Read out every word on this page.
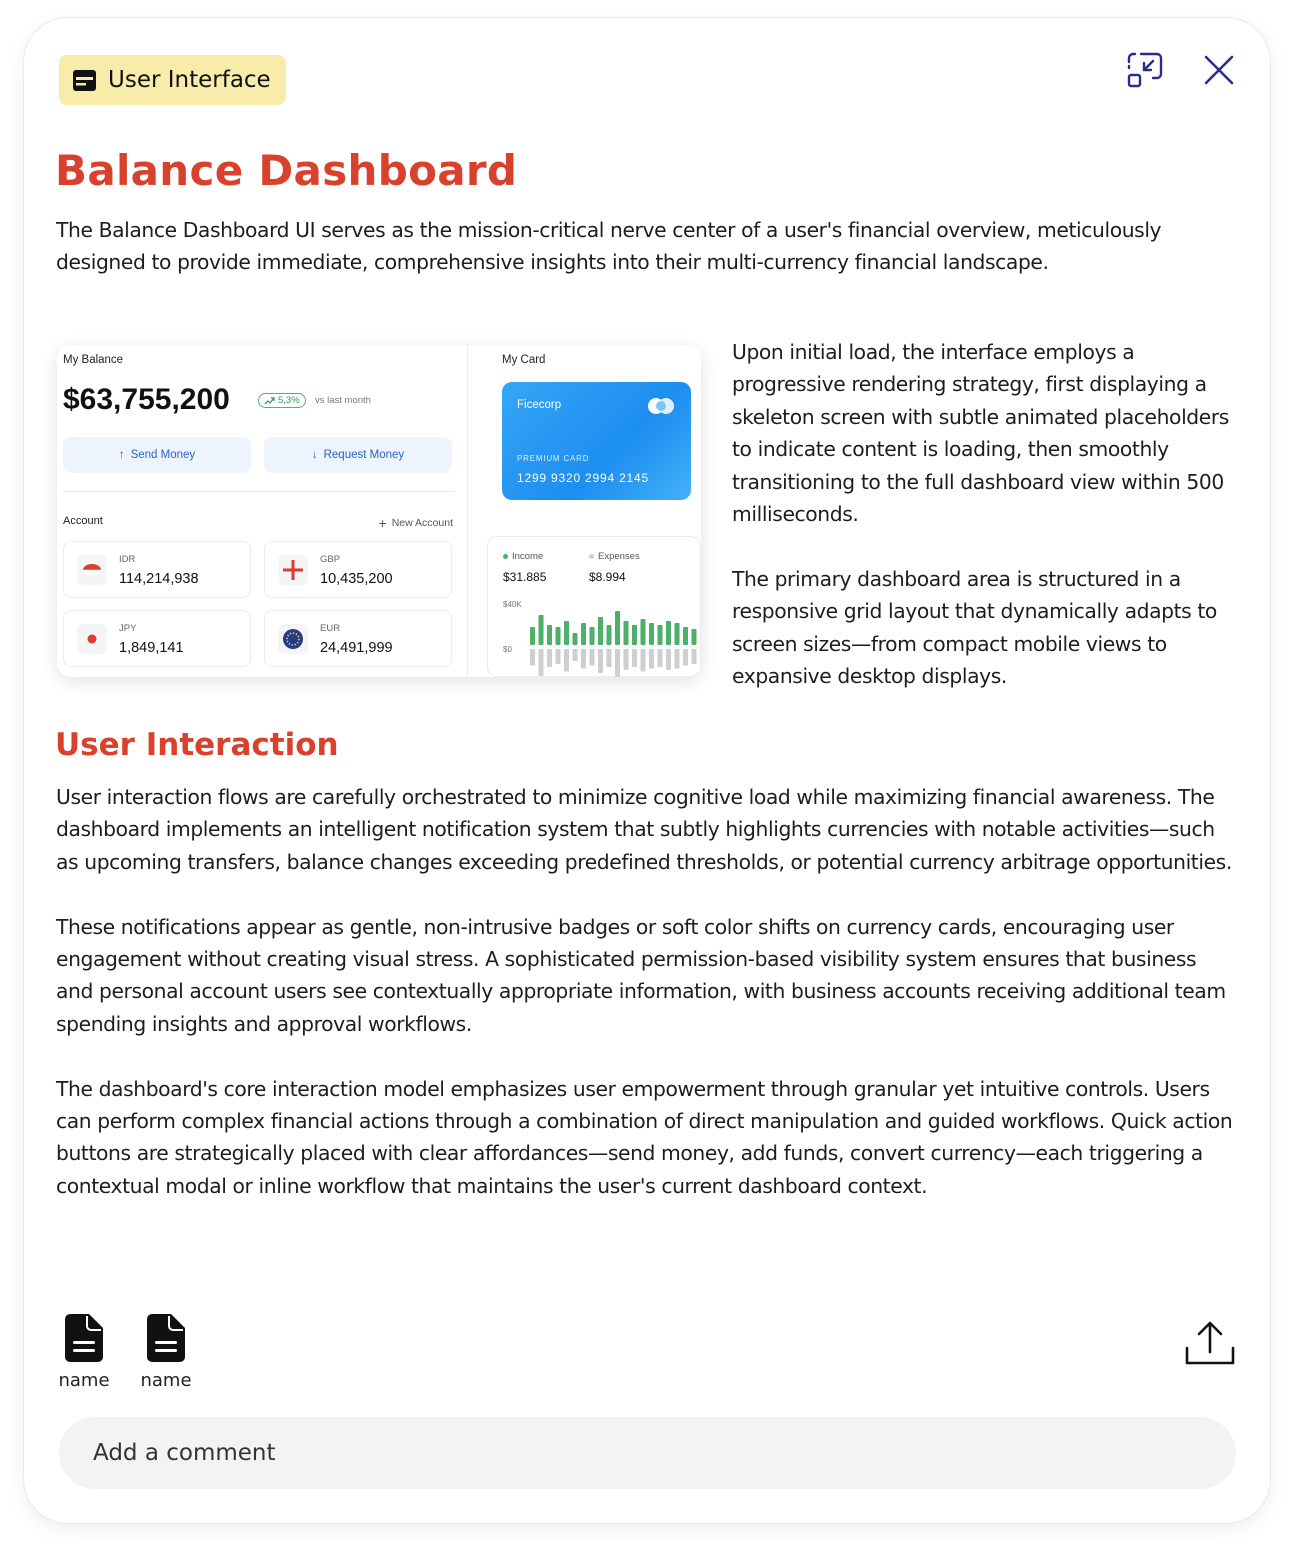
User Interface
Balance Dashboard

The Balance Dashboard UI serves as the mission-critical nerve center of a user's financial overview, meticulously designed to provide immediate, comprehensive insights into their multi-currency financial landscape.

My Balance
$63,755,200	5,3% vs last month
↑ Send Money	↓ Request Money
Account	+ New Account
IDR
114,214,938
GBP
10,435,200
JPY
1,849,141
EUR
24,491,999
My Card
Ficecorp
PREMIUM CARD
1299 9320 2994 2145
Income	Expenses
$31.885	$8.994
$40K
$0

Upon initial load, the interface employs a progressive rendering strategy, first displaying a skeleton screen with subtle animated placeholders to indicate content is loading, then smoothly transitioning to the full dashboard view within 500 milliseconds.

The primary dashboard area is structured in a responsive grid layout that dynamically adapts to screen sizes—from compact mobile views to expansive desktop displays.

User Interaction

User interaction flows are carefully orchestrated to minimize cognitive load while maximizing financial awareness. The dashboard implements an intelligent notification system that subtly highlights currencies with notable activities—such as upcoming transfers, balance changes exceeding predefined thresholds, or potential currency arbitrage opportunities.

These notifications appear as gentle, non-intrusive badges or soft color shifts on currency cards, encouraging user engagement without creating visual stress. A sophisticated permission-based visibility system ensures that business and personal account users see contextually appropriate information, with business accounts receiving additional team spending insights and approval workflows.

The dashboard's core interaction model emphasizes user empowerment through granular yet intuitive controls. Users can perform complex financial actions through a combination of direct manipulation and guided workflows. Quick action buttons are strategically placed with clear affordances—send money, add funds, convert currency—each triggering a contextual modal or inline workflow that maintains the user's current dashboard context.

name name
Add a comment
